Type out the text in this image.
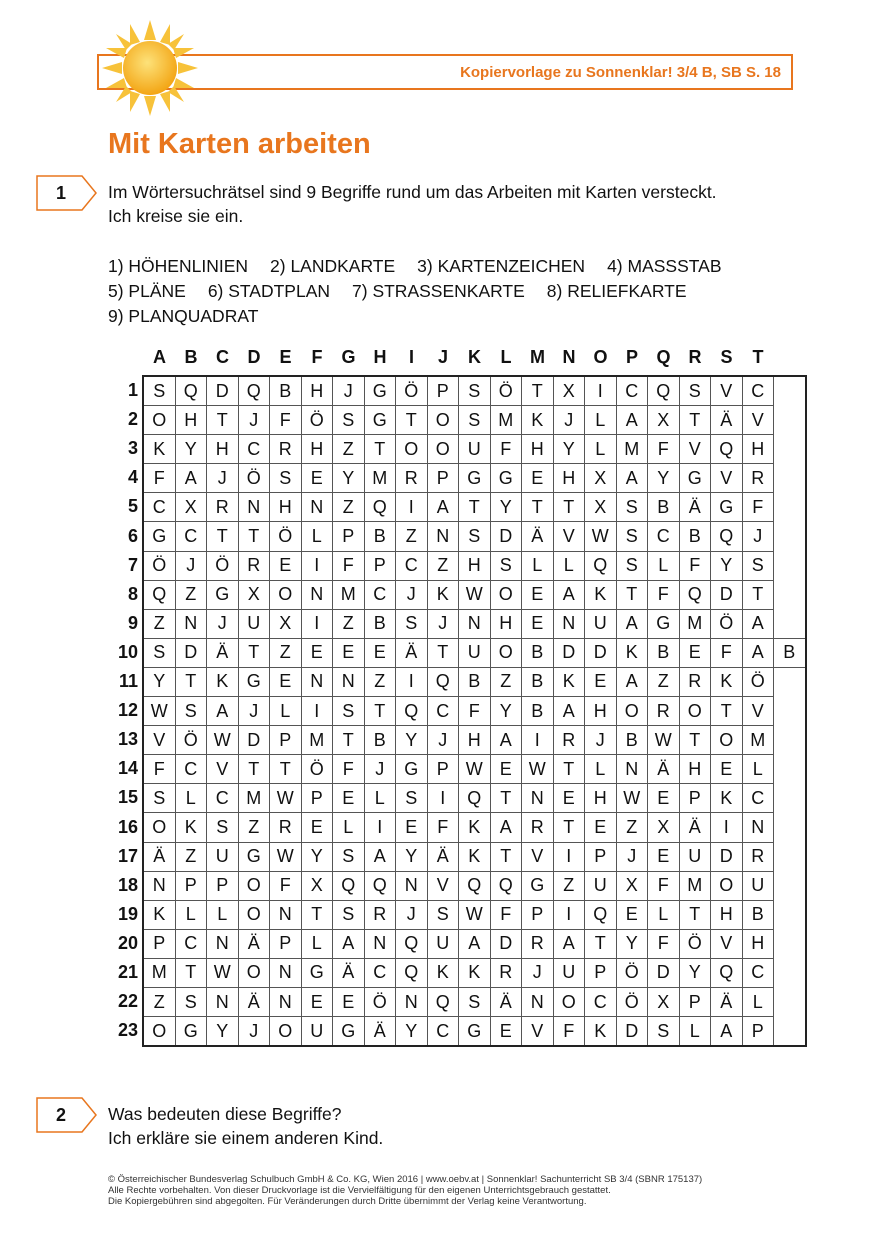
Kopiervorlage zu Sonnenklar! 3/4 B, SB S. 18
Mit Karten arbeiten
1	Im Wörtersuchrätsel sind 9 Begriffe rund um das Arbeiten mit Karten versteckt.
Ich kreise sie ein.
1) HÖHENLINIEN 2) LANDKARTE 3) KARTENZEICHEN 4) MASSSTAB
5) PLÄNE 6) STADTPLAN 7) STRASSENKARTE 8) RELIEFKARTE
9) PLANQUADRAT
A	B	C	D	E	F	G	H	I	J	K	L	M N O	P	Q	R	S	T
1
2
3
4
5
6
7
8
9
10
11
12
13
14
15
16
17
18
19
20
21
22
23
S	Q	D	Q	B	H	J	G	Ö	P	S	Ö	T	X	I	C	Q	S	V	C	
O	H	T	J	F	Ö	S	G	T	O	S	M	K	J	L	A	X	T	Ä	V	
K	Y	H	C	R	H	Z	T	O	O	U	F	H	Y	L	M	F	V	Q	H	
F	A	J	Ö	S	E	Y	M	R	P	G	G	E	H	X	A	Y	G	V	R	
C	X	R	N	H	N	Z	Q	I	A	T	Y	T	T	X	S	B	Ä	G	F	
G	C	T	T	Ö	L	P	B	Z	N	S	D	Ä	V	W	S	C	B	Q	J	
Ö	J	Ö	R	E	I	F	P	C	Z	H	S	L	L	Q	S	L	F	Y	S	
Q	Z	G	X	O	N	M	C	J	K	W	O	E	A	K	T	F	Q	D	T	
Z	N	J	U	X	I	Z	B	S	J	N	H	E	N	U	A	G	M	Ö	A	
S	D	Ä	T	Z	E	E	E	Ä	T	U	O	B	D	D	K	B	E	F	A	B
Y	T	K	G	E	N	N	Z	I	Q	B	Z	B	K	E	A	Z	R	K	Ö	
W	S	A	J	L	I	S	T	Q	C	F	Y	B	A	H	O	R	O	T	V	
V	Ö	W	D	P	M	T	B	Y	J	H	A	I	R	J	B	W	T	O	M	
F	C	V	T	T	Ö	F	J	G	P	W	E	W	T	L	N	Ä	H	E	L	
S	L	C	M	W	P	E	L	S	I	Q	T	N	E	H	W	E	P	K	C	
O	K	S	Z	R	E	L	I	E	F	K	A	R	T	E	Z	X	Ä	I	N	
Ä	Z	U	G	W	Y	S	A	Y	Ä	K	T	V	I	P	J	E	U	D	R	
N	P	P	O	F	X	Q	Q	N	V	Q	Q	G	Z	U	X	F	M	O	U	
K	L	L	O	N	T	S	R	J	S	W	F	P	I	Q	E	L	T	H	B	
P	C	N	Ä	P	L	A	N	Q	U	A	D	R	A	T	Y	F	Ö	V	H	
M	T	W	O	N	G	Ä	C	Q	K	K	R	J	U	P	Ö	D	Y	Q	C	
Z	S	N	Ä	N	E	E	Ö	N	Q	S	Ä	N	O	C	Ö	X	P	Ä	L	
O	G	Y	J	O	U	G	Ä	Y	C	G	E	V	F	K	D	S	L	A	P	
2	Was bedeuten diese Begriffe?
Ich erkläre sie einem anderen Kind.
© Österreichischer Bundesverlag Schulbuch GmbH & Co. KG, Wien 2016 | www.oebv.at | Sonnenklar! Sachunterricht SB 3/4 (SBNR 175137)
Alle Rechte vorbehalten. Von dieser Druckvorlage ist die Vervielfältigung für den eigenen Unterrichtsgebrauch gestattet.
Die Kopiergebühren sind abgegolten. Für Veränderungen durch Dritte übernimmt der Verlag keine Verantwortung.
